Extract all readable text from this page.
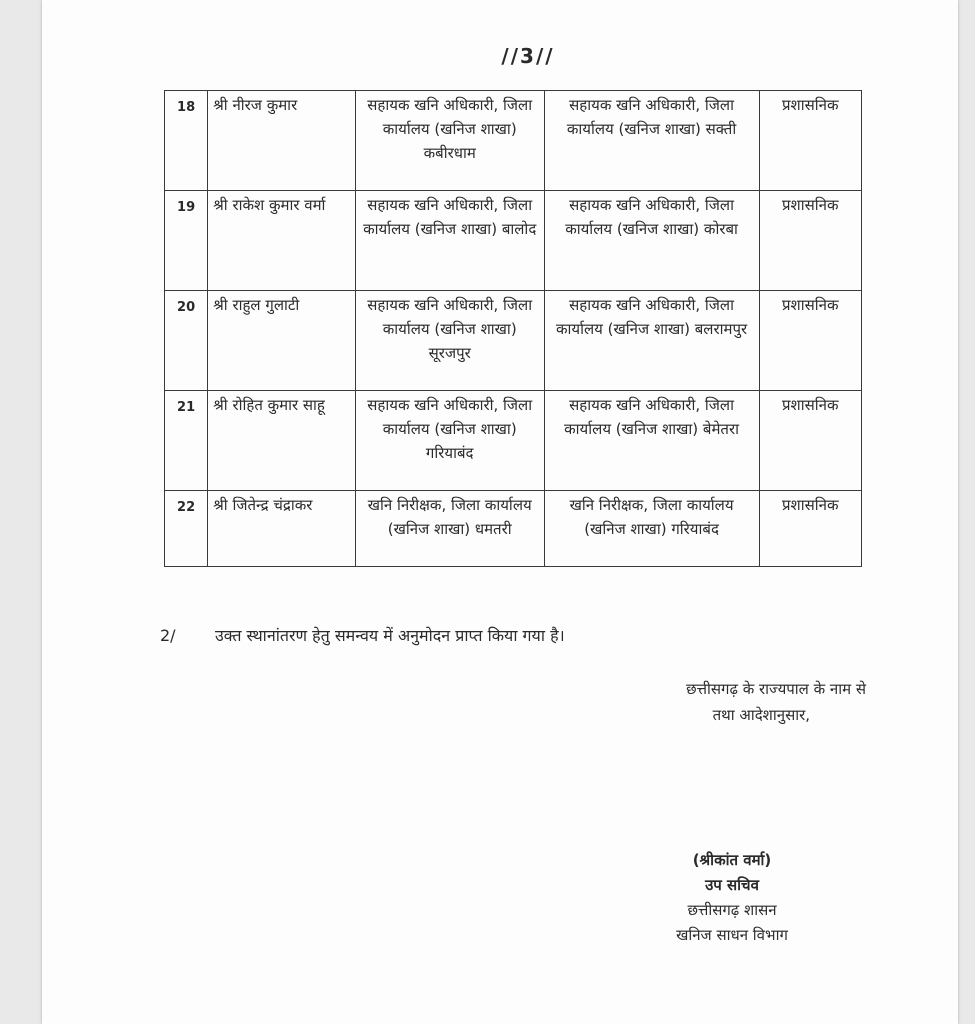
//3//
18	श्री नीरज कुमार	सहायक खनि अधिकारी, जिला कार्यालय (खनिज शाखा) कबीरधाम	सहायक खनि अधिकारी, जिला कार्यालय (खनिज शाखा) सक्ती	प्रशासनिक
19	श्री राकेश कुमार वर्मा	सहायक खनि अधिकारी, जिला कार्यालय (खनिज शाखा) बालोद	सहायक खनि अधिकारी, जिला कार्यालय (खनिज शाखा) कोरबा	प्रशासनिक
20	श्री राहुल गुलाटी	सहायक खनि अधिकारी, जिला कार्यालय (खनिज शाखा) सूरजपुर	सहायक खनि अधिकारी, जिला कार्यालय (खनिज शाखा) बलरामपुर	प्रशासनिक
21	श्री रोहित कुमार साहू	सहायक खनि अधिकारी, जिला कार्यालय (खनिज शाखा) गरियाबंद	सहायक खनि अधिकारी, जिला कार्यालय (खनिज शाखा) बेमेतरा	प्रशासनिक
22	श्री जितेन्द्र चंद्राकर	खनि निरीक्षक, जिला कार्यालय (खनिज शाखा) धमतरी	खनि निरीक्षक, जिला कार्यालय (खनिज शाखा) गरियाबंद	प्रशासनिक
2/ उक्त स्थानांतरण हेतु समन्वय में अनुमोदन प्राप्त किया गया है।
छत्तीसगढ़ के राज्यपाल के नाम से
तथा आदेशानुसार,
(श्रीकांत वर्मा)
उप सचिव
छत्तीसगढ़ शासन
खनिज साधन विभाग
